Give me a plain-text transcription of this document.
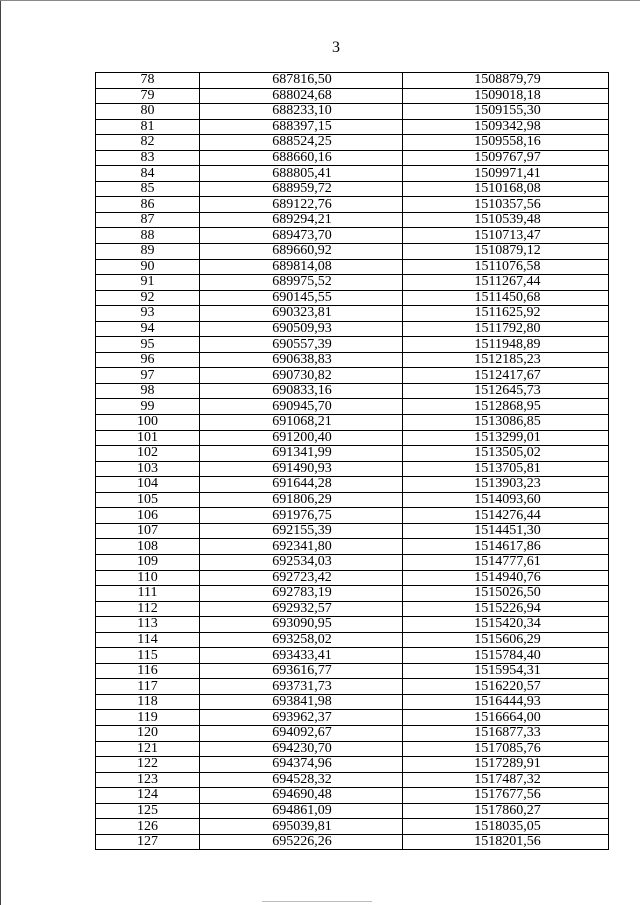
3
78	687816,50	1508879,79
79	688024,68	1509018,18
80	688233,10	1509155,30
81	688397,15	1509342,98
82	688524,25	1509558,16
83	688660,16	1509767,97
84	688805,41	1509971,41
85	688959,72	1510168,08
86	689122,76	1510357,56
87	689294,21	1510539,48
88	689473,70	1510713,47
89	689660,92	1510879,12
90	689814,08	1511076,58
91	689975,52	1511267,44
92	690145,55	1511450,68
93	690323,81	1511625,92
94	690509,93	1511792,80
95	690557,39	1511948,89
96	690638,83	1512185,23
97	690730,82	1512417,67
98	690833,16	1512645,73
99	690945,70	1512868,95
100	691068,21	1513086,85
101	691200,40	1513299,01
102	691341,99	1513505,02
103	691490,93	1513705,81
104	691644,28	1513903,23
105	691806,29	1514093,60
106	691976,75	1514276,44
107	692155,39	1514451,30
108	692341,80	1514617,86
109	692534,03	1514777,61
110	692723,42	1514940,76
111	692783,19	1515026,50
112	692932,57	1515226,94
113	693090,95	1515420,34
114	693258,02	1515606,29
115	693433,41	1515784,40
116	693616,77	1515954,31
117	693731,73	1516220,57
118	693841,98	1516444,93
119	693962,37	1516664,00
120	694092,67	1516877,33
121	694230,70	1517085,76
122	694374,96	1517289,91
123	694528,32	1517487,32
124	694690,48	1517677,56
125	694861,09	1517860,27
126	695039,81	1518035,05
127	695226,26	1518201,56
